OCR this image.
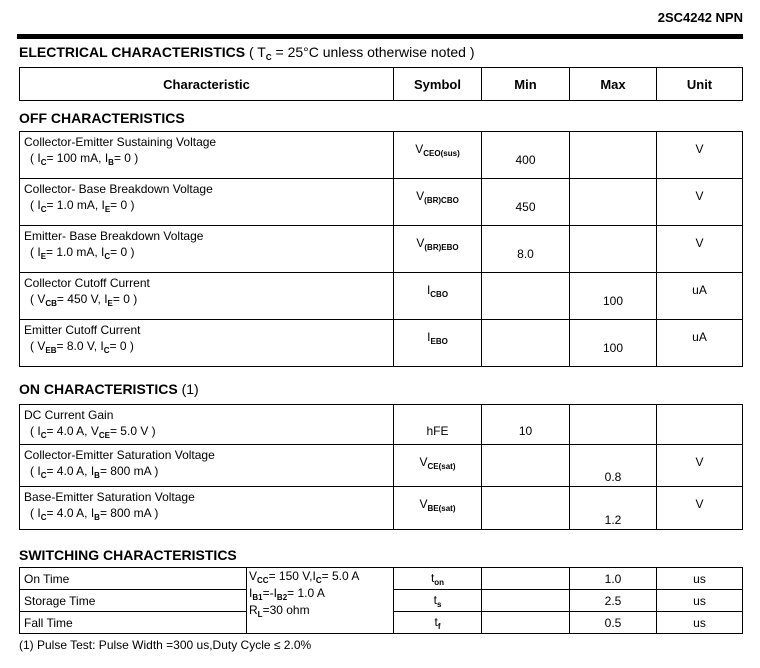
2SC4242 NPN
ELECTRICAL CHARACTERISTICS ( $T_C = 25^\circ C$ unless otherwise noted )
Characteristic	Symbol	Min	Max	Unit
OFF CHARACTERISTICS
Collector-Emitter Sustaining Voltage
( $I_C= 100$ mA, $I_B= 0$ )	$V_{CEO(sus)}$	400		V

Collector- Base Breakdown Voltage
( $I_C= 1.0$ mA, $I_E= 0$ )	$V_{(BR)CBO}$	450		V

Emitter- Base Breakdown Voltage
( $I_E= 1.0$ mA, $I_C= 0$ )	$V_{(BR)EBO}$	8.0		V

Collector Cutoff Current
( $V_{CB}= 450$ V, $I_E= 0$ )	$I_{CBO}$		100	uA

Emitter Cutoff Current
( $V_{EB}= 8.0$ V, $I_C= 0$ )	$I_{EBO}$		100	uA
ON CHARACTERISTICS (1)
DC Current Gain
( $I_C= 4.0$ A, $V_{CE}= 5.0$ V )	hFE	10		

Collector-Emitter Saturation Voltage
( $I_C= 4.0$ A, $I_B= 800$ mA )	$V_{CE(sat)}$		0.8	V

Base-Emitter Saturation Voltage
( $I_C= 4.0$ A, $I_B= 800$ mA )	$V_{BE(sat)}$		1.2	V
SWITCHING CHARACTERISTICS
On Time	$V_{CC}= 150$ $V,I_C= 5.0$ A
$I_{B1}=-I_{B2}= 1.0$ A
$R_L=30$ ohm	$t_{on}$		1.0	us
Storage Time		$t_s$		2.5	us
Fall Time		$t_f$		0.5	us
(1) Pulse Test: Pulse Width =300 us,Duty Cycle ≤ 2.0%
